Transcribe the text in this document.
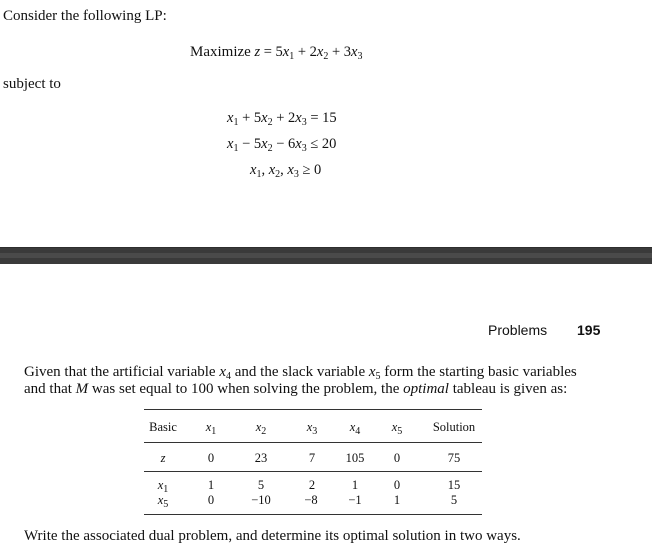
Consider the following LP:
Maximize $z = 5x_1 + 2x_2 + 3x_3$
subject to
$x_1 + 5x_2 + 2x_3 = 15$
$x_1 - 5x_2 - 6x_3 \le 20$
$x_1$, $x_2$, $x_3 \ge 0$
Problems 195
Given that the artificial variable $x_4$ and the slack variable $x_5$ form the starting basic variables
and that M was set equal to 100 when solving the problem, the optimal tableau is given as:
Basic	$x_1$	$x_2$	$x_3$	$x_4$	$x_5$	Solution
z	0	23	7	105	0	75
$x_1$	1	5	2	1	0	15
$x_5$	0	−10	−8	−1	1	5
Write the associated dual problem, and determine its optimal solution in two ways.
